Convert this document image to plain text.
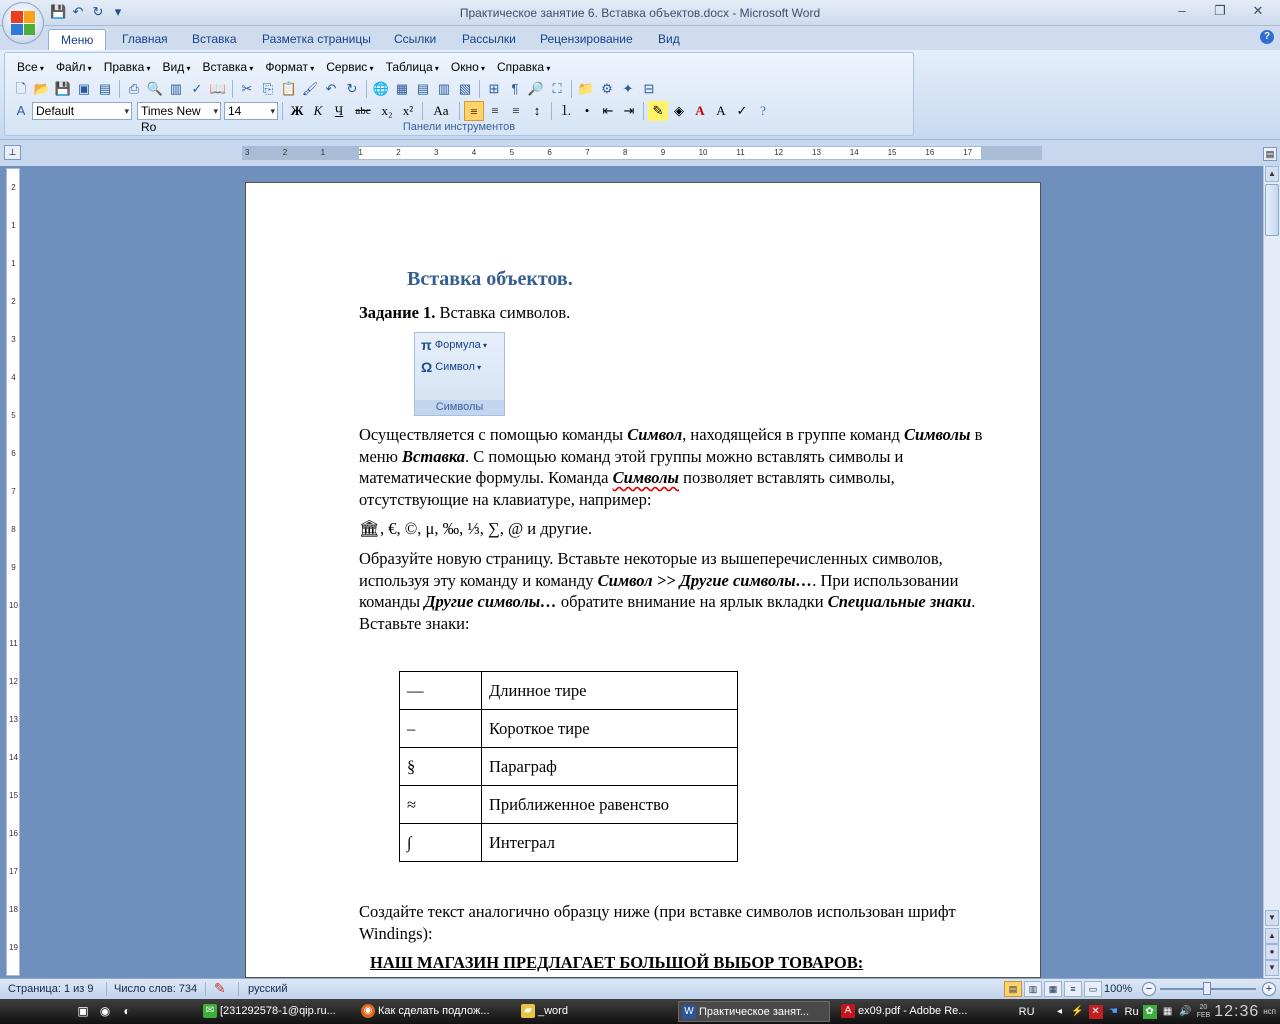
💾 ↶ ↻ ▾	Практическое занятие 6. Вставка объектов.docx - Microsoft Word	–	❐	✕
Меню	Главная	Вставка	Разметка страницы	Ссылки	Рассылки	Рецензирование	Вид	?
Все ▾	Файл ▾	Правка ▾	Вид ▾	Вставка ▾	Формат ▾	Сервис ▾	Таблица ▾	Окно ▾	Справка ▾
🗋 📂 💾 ▣ ▤	⎙ 🔍 ▥ ✓ 📖	✂ ⎘ 📋 🖌 ↶ ↻	🌐 ▦ ▤ ▥ ▧	⊞ ¶ 🔎 ⛶	📁 ⚙ ✦ ⊟
A Default ▾	Times New Ro ▾
14 ▾	Ж К Ч	abc x₂ x²	Aa	≡	≡	≡	↕	⒈ •	⇤ ⇥	✎ ◈ A A ✓ ?
Панели инструментов
⊥	3	2	1	1	2	3	4	5	6	7	8	9	10	11	12	13	14	15	16	17	▤
2
1
1
2
3
4
5
6
7
8
9
10
11
12
13
14
15
16
17
18
19
▲
▼
▲
●
▼
Вставка объектов.
Задание 1. Вставка символов.
π Формула ▾
Ω Символ ▾
Символы
Осуществляется с помощью команды Символ, находящейся в группе команд Символы в меню Вставка. С помощью команд этой группы можно вставлять символы и математические формулы. Команда Символы позволяет вставлять символы, отсутствующие на клавиатуре, например:
🏛, €, ©, μ, ‰, ⅓, ∑, @ и другие.
Образуйте новую страницу. Вставьте некоторые из вышеперечисленных символов, используя эту команду и команду Символ >> Другие символы…. При использовании команды Другие символы… обратите внимание на ярлык вкладки Специальные знаки. Вставьте знаки:
—	Длинное тире
–	Короткое тире
§	Параграф
≈	Приближенное равенство
∫	Интеграл
Создайте текст аналогично образцу ниже (при вставке символов использован шрифт Windings):
НАШ МАГАЗИН ПРЕДЛАГАЕТ БОЛЬШОЙ ВЫБОР ТОВАРОВ:
Страница: 1 из 9 Число слов: 734 ✎ русский	▤	▥	▦	≡	▭ 100%	−	+
▣ ◉	◐	✉ [231292578-1@qip.ru...	◉ Как сделать подлож...	▰ _word	W Практическое занят...	A ex09.pdf - Adobe Re...	RU	◂ ⚡ ✕ ☚ Ru ✿ ▦ 🔊	20
FEB 12:36 нсп
